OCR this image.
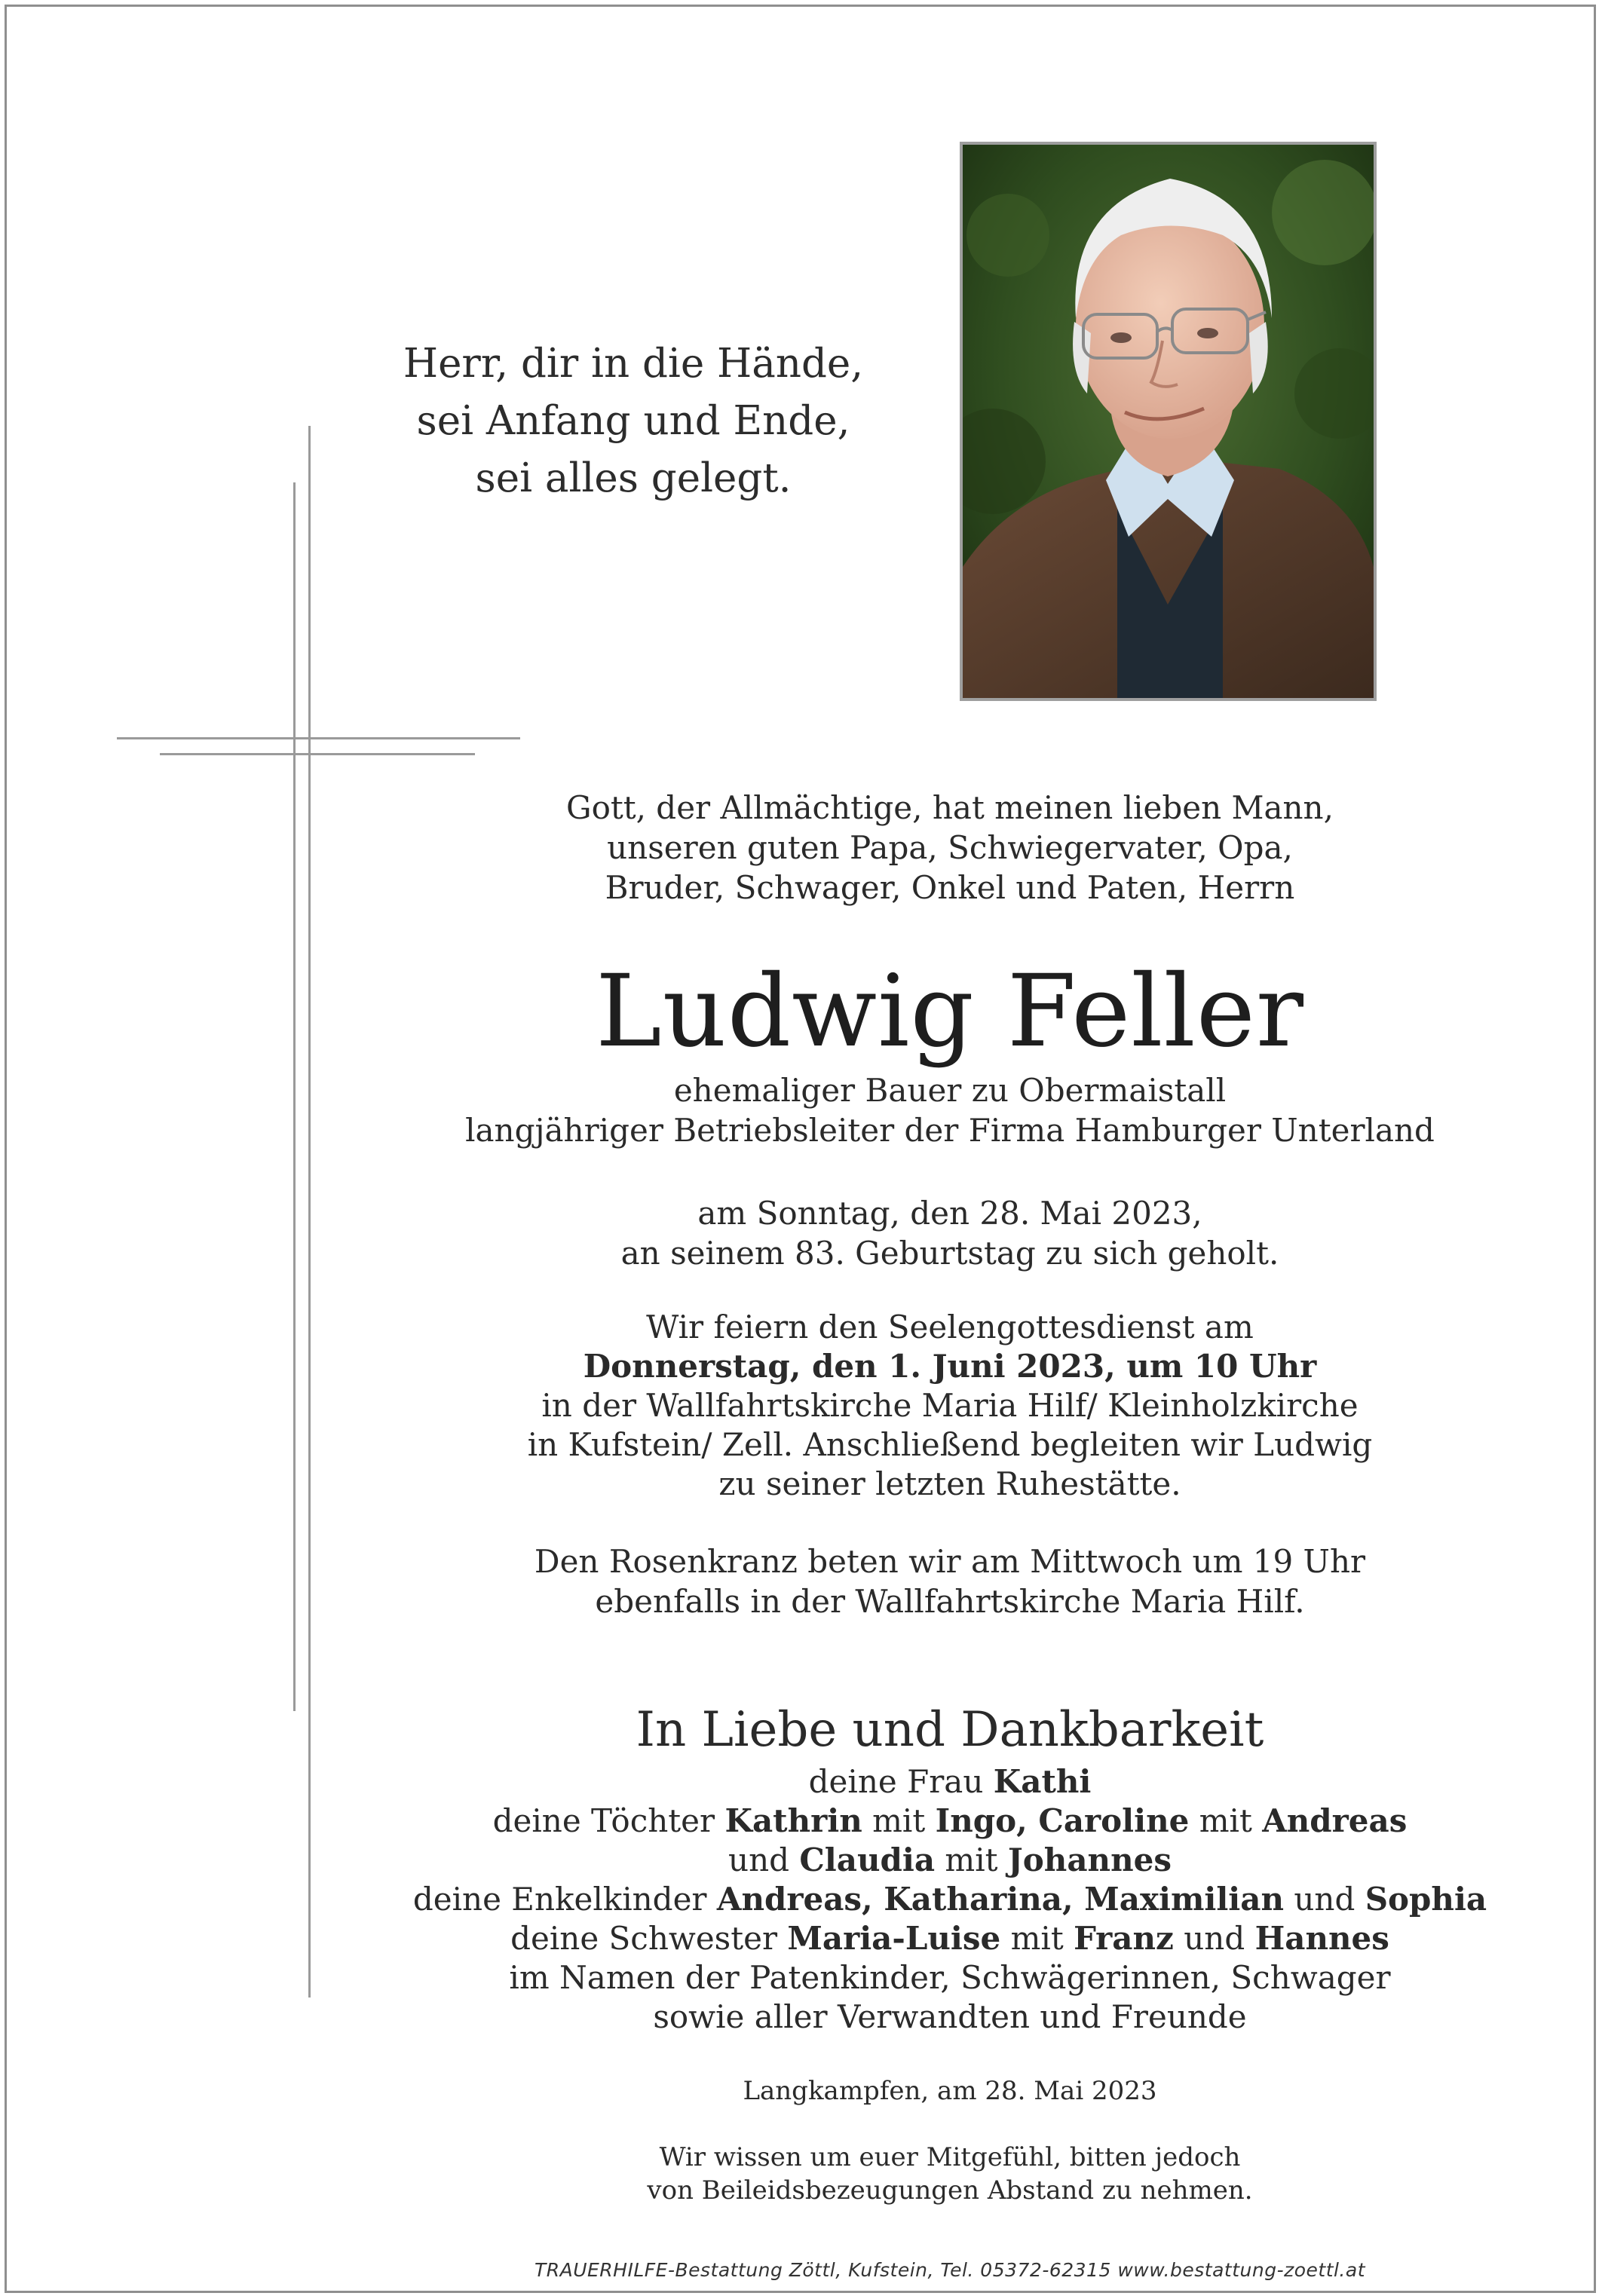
Herr, dir in die Hände,
sei Anfang und Ende,
sei alles gelegt.
Gott, der Allmächtige, hat meinen lieben Mann,
unseren guten Papa, Schwiegervater, Opa,
Bruder, Schwager, Onkel und Paten, Herrn
Ludwig Feller
ehemaliger Bauer zu Obermaistall
langjähriger Betriebsleiter der Firma Hamburger Unterland
am Sonntag, den 28. Mai 2023,
an seinem 83. Geburtstag zu sich geholt.
Wir feiern den Seelengottesdienst am
Donnerstag, den 1. Juni 2023, um 10 Uhr
in der Wallfahrtskirche Maria Hilf/ Kleinholzkirche
in Kufstein/ Zell. Anschließend begleiten wir Ludwig
zu seiner letzten Ruhestätte.
Den Rosenkranz beten wir am Mittwoch um 19 Uhr
ebenfalls in der Wallfahrtskirche Maria Hilf.
In Liebe und Dankbarkeit
deine Frau Kathi
deine Töchter Kathrin mit Ingo, Caroline mit Andreas
und Claudia mit Johannes
deine Enkelkinder Andreas, Katharina, Maximilian und Sophia
deine Schwester Maria-Luise mit Franz und Hannes
im Namen der Patenkinder, Schwägerinnen, Schwager
sowie aller Verwandten und Freunde
Langkampfen, am 28. Mai 2023
Wir wissen um euer Mitgefühl, bitten jedoch
von Beileidsbezeugungen Abstand zu nehmen.
TRAUERHILFE-Bestattung Zöttl, Kufstein, Tel. 05372-62315 www.bestattung-zoettl.at
